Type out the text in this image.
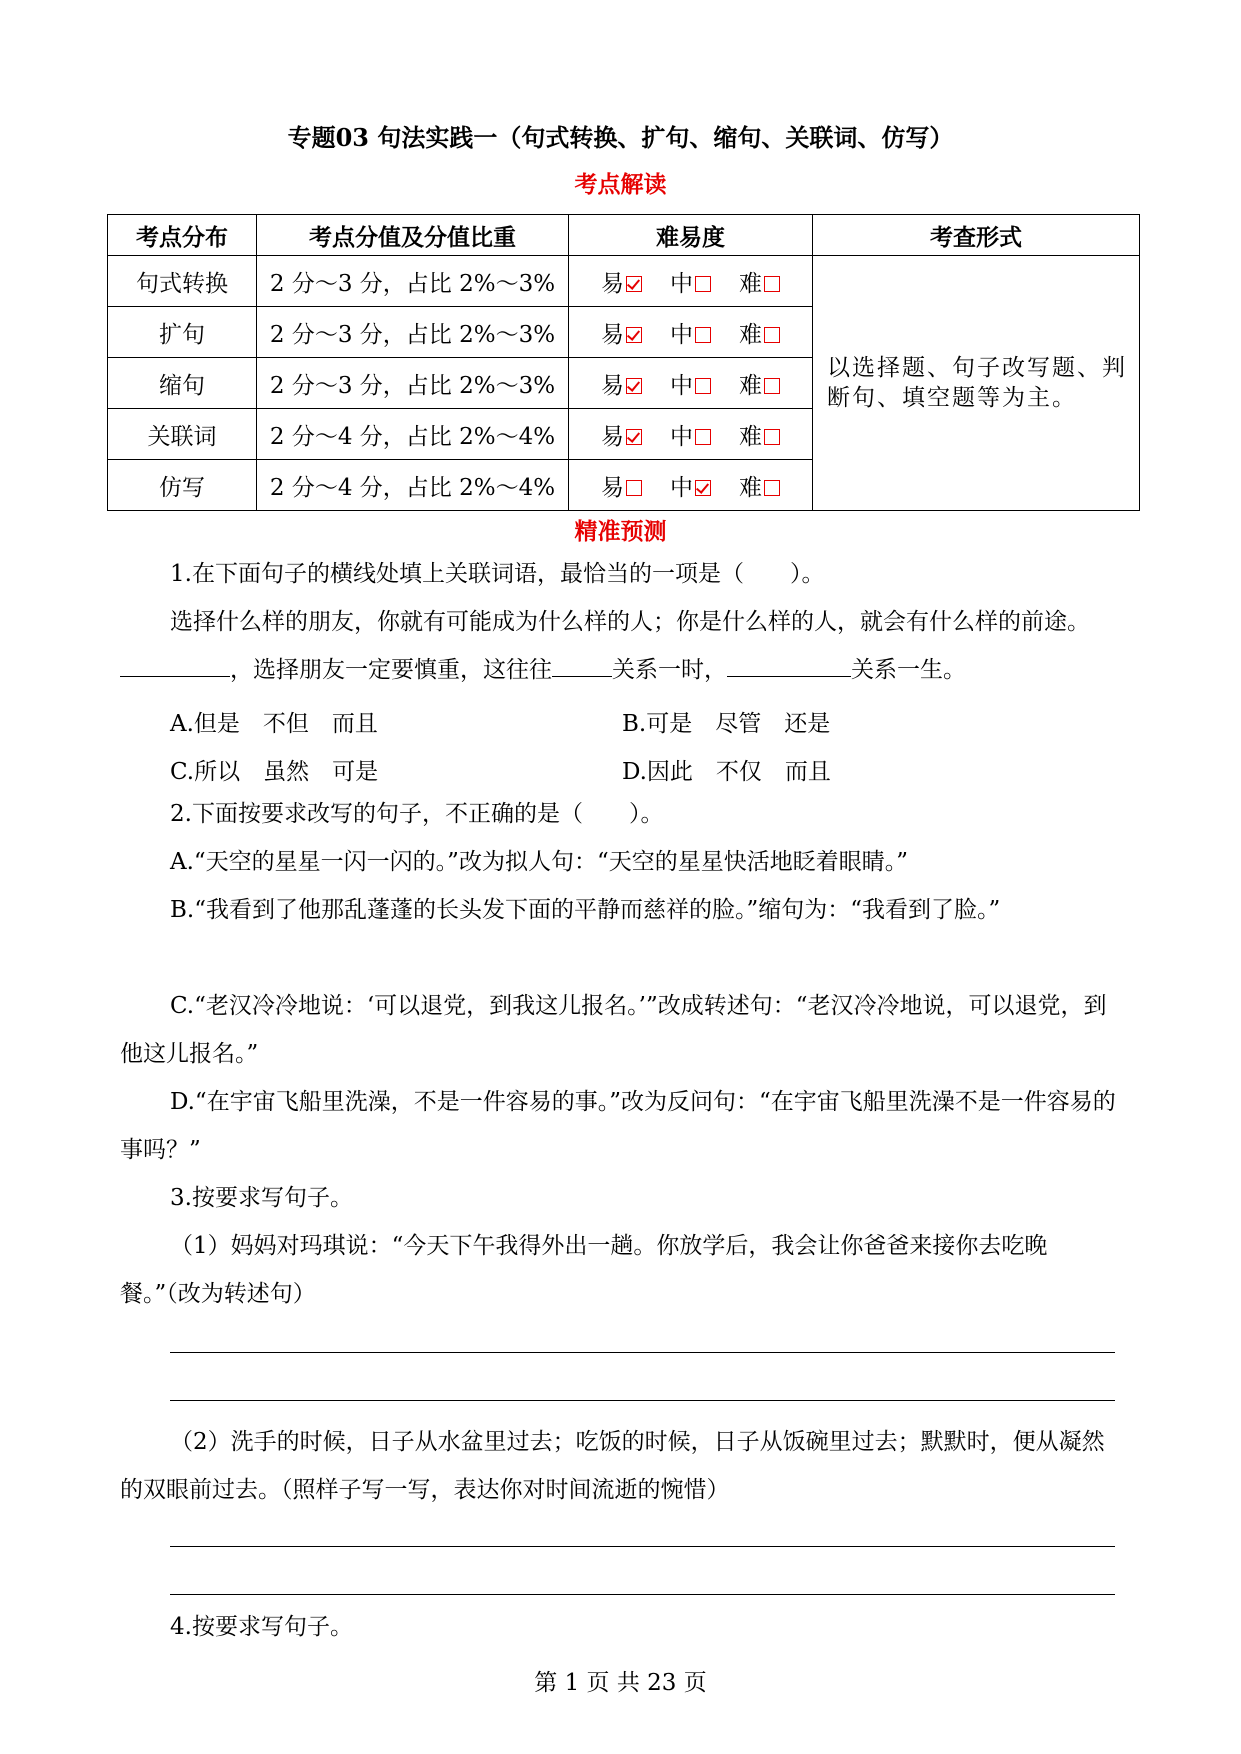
专题03 句法实践一（句式转换、扩句、缩句、关联词、仿写）
考点解读
考点分布	考点分值及分值比重	难易度	考查形式
句式转换	2 分～3 分，占比 2%～3%	易 中 难	以选择题、句子改写题、判断句、填空题等为主。
扩句	2 分～3 分，占比 2%～3%	易 中 难	
缩句	2 分～3 分，占比 2%～3%	易 中 难	
关联词	2 分～4 分，占比 2%～4%	易 中 难	
仿写	2 分～4 分，占比 2%～4%	易 中 难	
精准预测
1.在下面句子的横线处填上关联词语，最恰当的一项是（　　）。
选择什么样的朋友，你就有可能成为什么样的人；你是什么样的人，就会有什么样的前途。，选择朋友一定要慎重，这往往	关系一时，	关系一生。
A.但是　不但　而且	B.可是　尽管　还是
C.所以　虽然　可是	D.因此　不仅　而且
2.下面按要求改写的句子，不正确的是（　　）。
A.“天空的星星一闪一闪的。”改为拟人句：“天空的星星快活地眨着眼睛。”
B.“我看到了他那乱蓬蓬的长头发下面的平静而慈祥的脸。”缩句为：“我看到了脸。”
C.“老汉冷冷地说：‘可以退党，到我这儿报名。’”改成转述句：“老汉冷冷地说，可以退党，到他这儿报名。”
D.“在宇宙飞船里洗澡，不是一件容易的事。”改为反问句：“在宇宙飞船里洗澡不是一件容易的事吗？”
3.按要求写句子。
（1）妈妈对玛琪说：“今天下午我得外出一趟。你放学后，我会让你爸爸来接你去吃晚餐。”（改为转述句）
（2）洗手的时候，日子从水盆里过去；吃饭的时候，日子从饭碗里过去；默默时，便从凝然的双眼前过去。（照样子写一写，表达你对时间流逝的惋惜）
4.按要求写句子。
第 1 页 共 23 页
